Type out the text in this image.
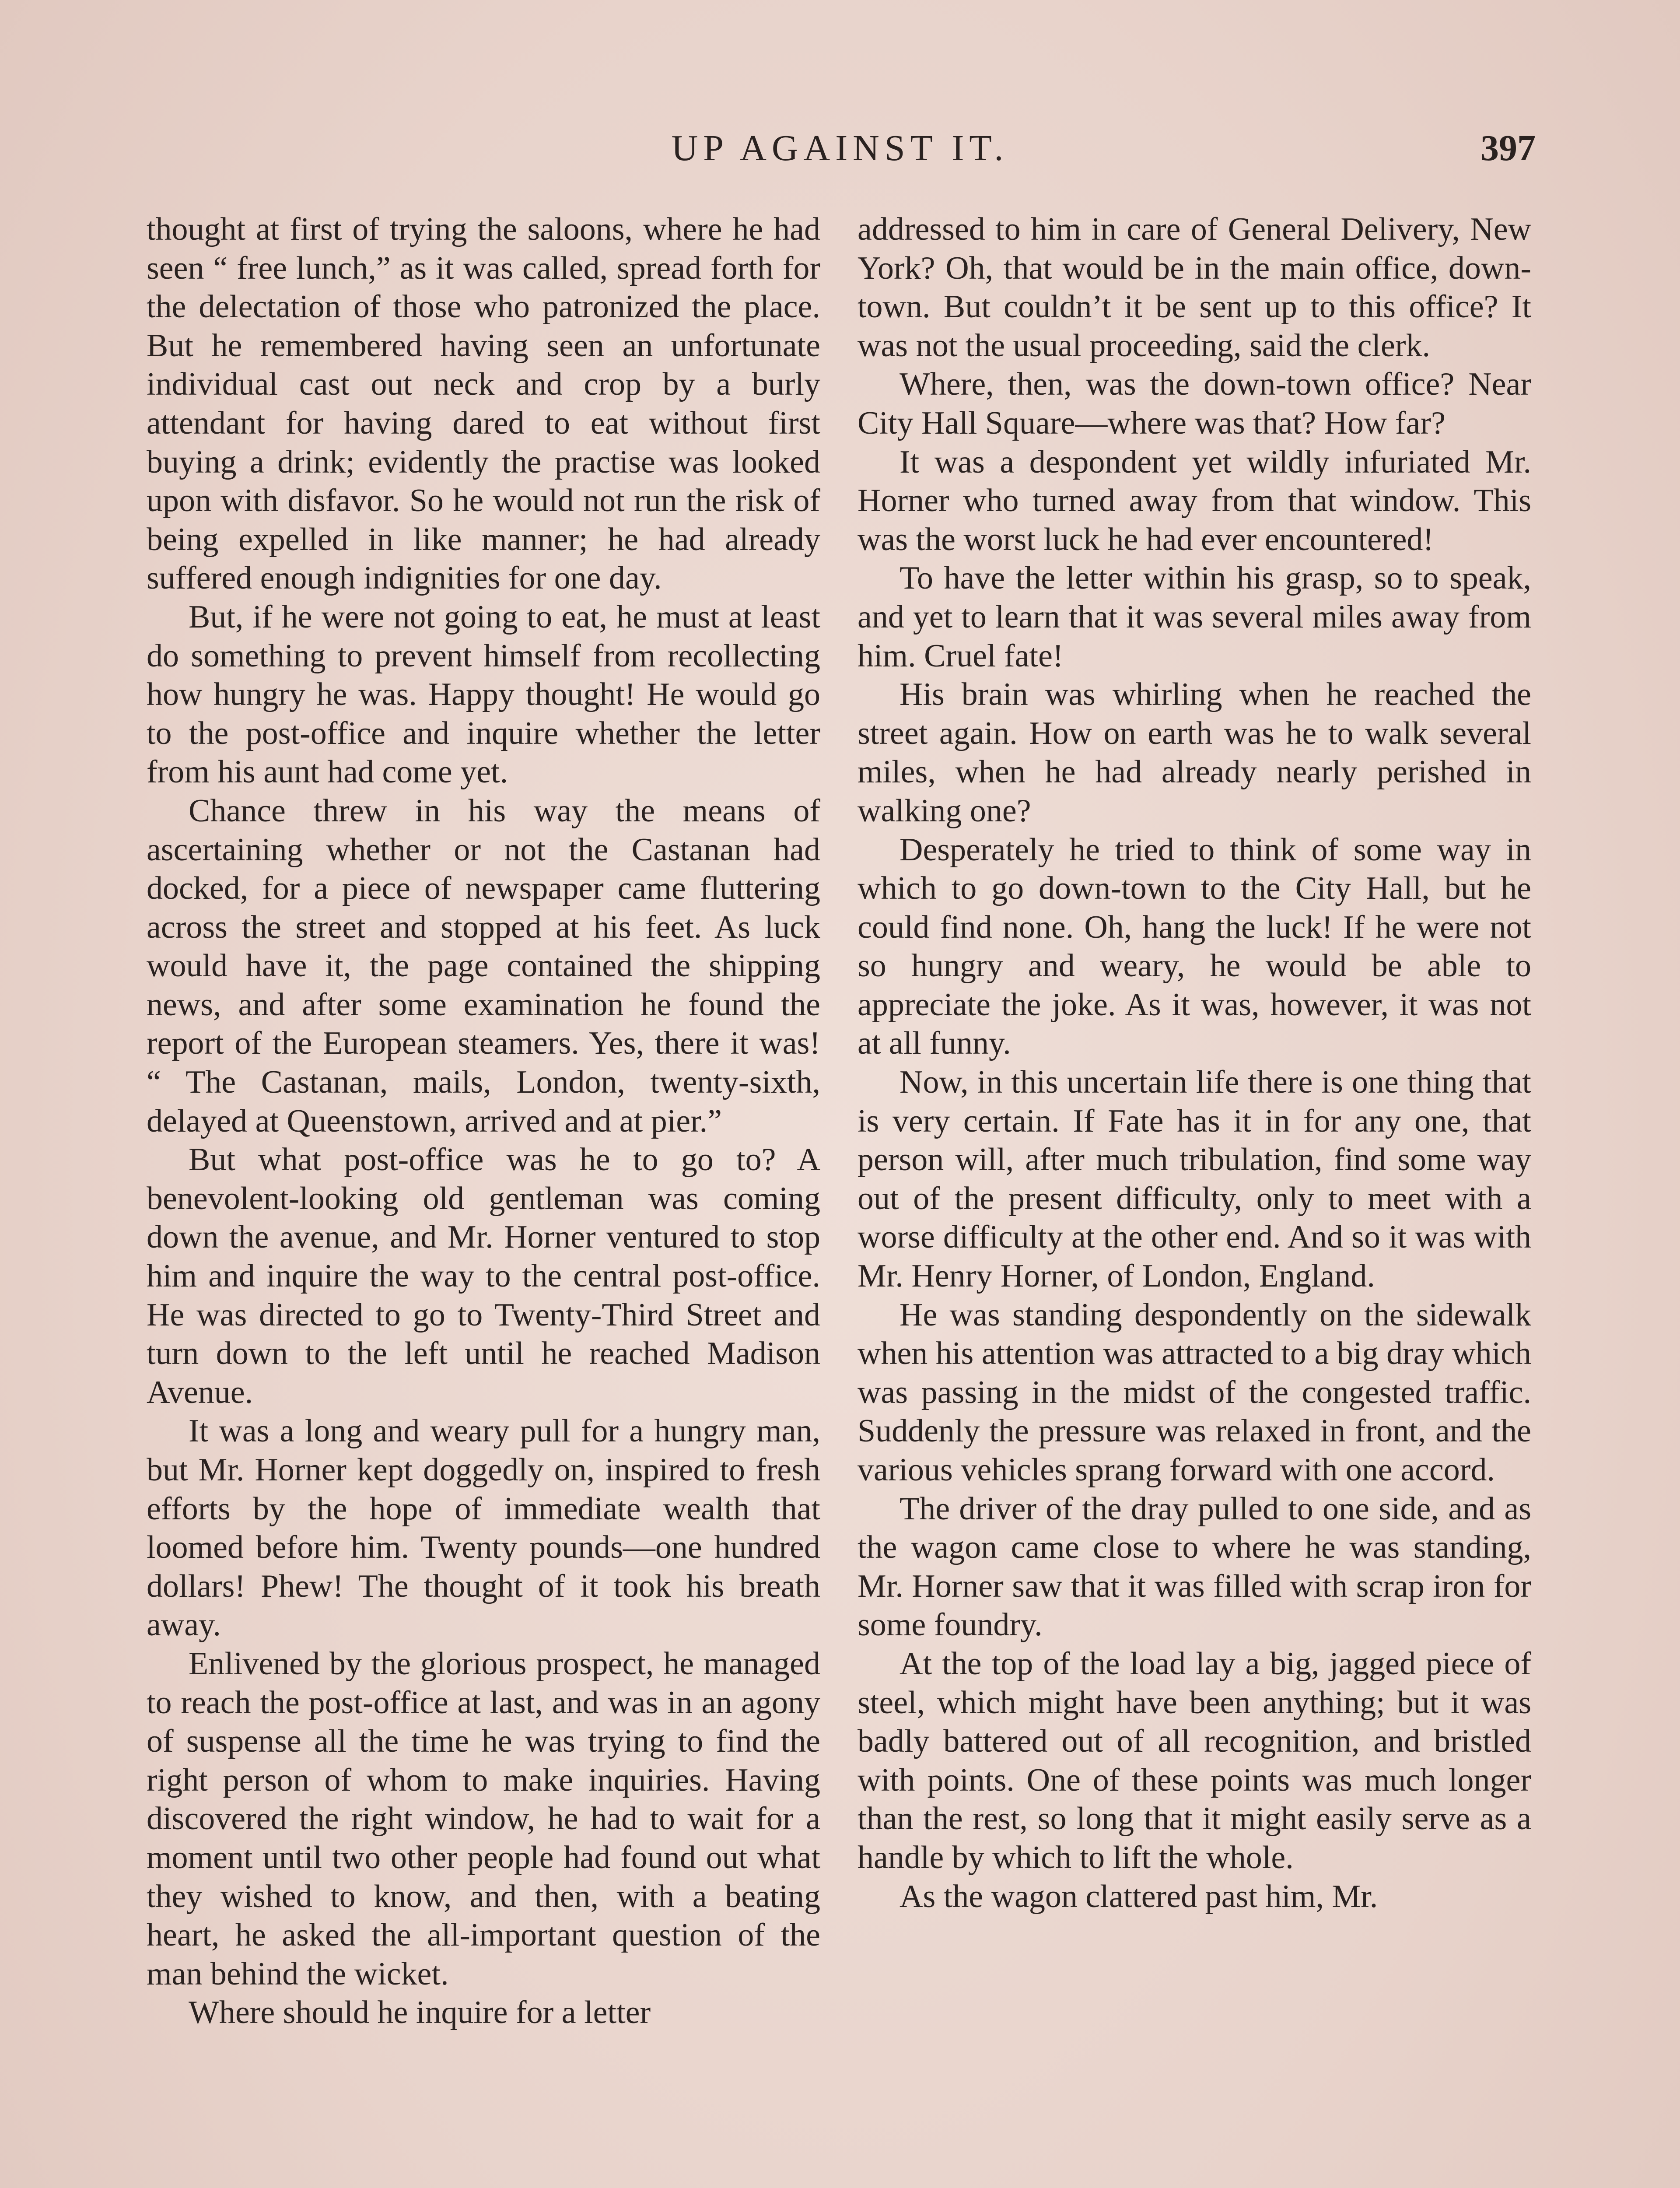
UP AGAINST IT.	397

thought at first of trying the saloons, where he had seen “ free lunch,” as it was called, spread forth for the delectation of those who patronized the place. But he remembered having seen an unfortunate individual cast out neck and crop by a burly attendant for having dared to eat without first buying a drink; evidently the practise was looked upon with disfavor. So he would not run the risk of being expelled in like manner; he had already suffered enough indignities for one day.

But, if he were not going to eat, he must at least do something to prevent himself from recollecting how hungry he was. Happy thought! He would go to the post-office and inquire whether the letter from his aunt had come yet.

Chance threw in his way the means of ascertaining whether or not the Castanan had docked, for a piece of newspaper came fluttering across the street and stopped at his feet. As luck would have it, the page contained the shipping news, and after some examination he found the report of the European steamers. Yes, there it was! “ The Castanan, mails, London, twenty-sixth, delayed at Queenstown, arrived and at pier.”

But what post-office was he to go to? A benevolent-looking old gentleman was coming down the avenue, and Mr. Horner ventured to stop him and inquire the way to the central post-office. He was directed to go to Twenty-Third Street and turn down to the left until he reached Madison Avenue.

It was a long and weary pull for a hungry man, but Mr. Horner kept doggedly on, inspired to fresh efforts by the hope of immediate wealth that loomed before him. Twenty pounds—one hundred dollars! Phew! The thought of it took his breath away.

Enlivened by the glorious prospect, he managed to reach the post-office at last, and was in an agony of suspense all the time he was trying to find the right person of whom to make inquiries. Having discovered the right window, he had to wait for a moment until two other people had found out what they wished to know, and then, with a beating heart, he asked the all-important question of the man behind the wicket.

Where should he inquire for a letter

addressed to him in care of General Delivery, New York? Oh, that would be in the main office, down-town. But couldn’t it be sent up to this office? It was not the usual proceeding, said the clerk.

Where, then, was the down-town office? Near City Hall Square—where was that? How far?

It was a despondent yet wildly infuriated Mr. Horner who turned away from that window. This was the worst luck he had ever encountered!

To have the letter within his grasp, so to speak, and yet to learn that it was several miles away from him. Cruel fate!

His brain was whirling when he reached the street again. How on earth was he to walk several miles, when he had already nearly perished in walking one?

Desperately he tried to think of some way in which to go down-town to the City Hall, but he could find none. Oh, hang the luck! If he were not so hungry and weary, he would be able to appreciate the joke. As it was, however, it was not at all funny.

Now, in this uncertain life there is one thing that is very certain. If Fate has it in for any one, that person will, after much tribulation, find some way out of the present difficulty, only to meet with a worse difficulty at the other end. And so it was with Mr. Henry Horner, of London, England.

He was standing despondently on the sidewalk when his attention was attracted to a big dray which was passing in the midst of the congested traffic. Suddenly the pressure was relaxed in front, and the various vehicles sprang forward with one accord.

The driver of the dray pulled to one side, and as the wagon came close to where he was standing, Mr. Horner saw that it was filled with scrap iron for some foundry.

At the top of the load lay a big, jagged piece of steel, which might have been anything; but it was badly battered out of all recognition, and bristled with points. One of these points was much longer than the rest, so long that it might easily serve as a handle by which to lift the whole.

As the wagon clattered past him, Mr.
